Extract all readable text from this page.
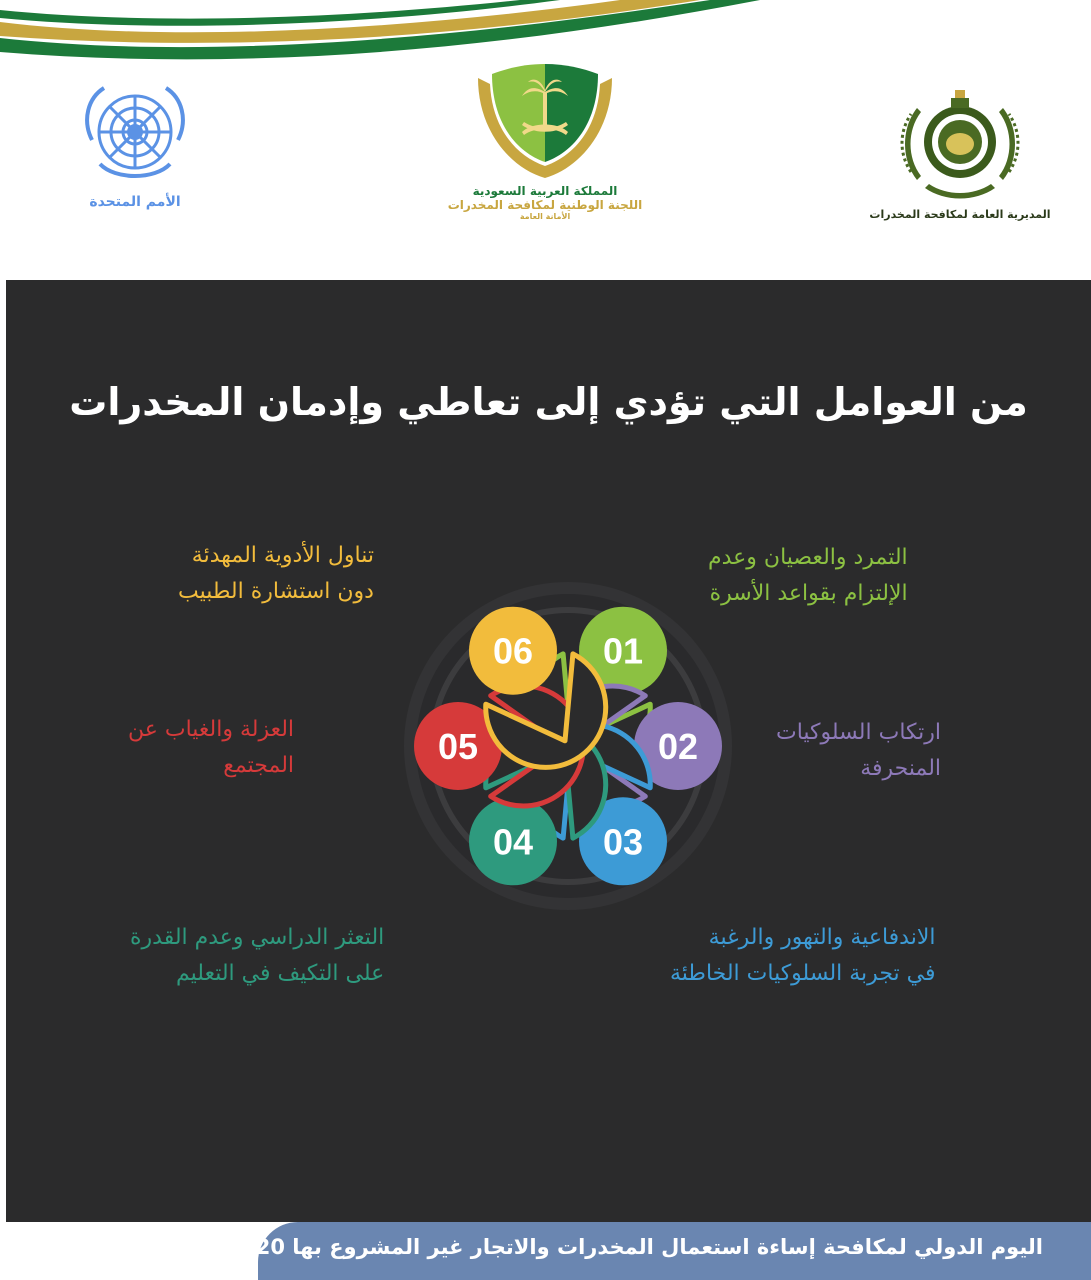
الأمم المتحدة
المملكة العربية السعودية
اللجنة الوطنية لمكافحة المخدرات
الأمانة العامة	المديرية العامة لمكافحة المخدرات
من العوامل التي تؤدي إلى تعاطي وإدمان المخدرات
التمرد والعصيان وعدم
الإلتزام بقواعد الأسرة
ارتكاب السلوكيات
المنحرفة
الاندفاعية والتهور والرغبة
في تجربة السلوكيات الخاطئة
التعثر الدراسي وعدم القدرة
على التكيف في التعليم
العزلة والغياب عن
المجتمع
تناول الأدوية المهدئة
دون استشارة الطبيب
01
02
03
04
05
06
اليوم الدولي لمكافحة إساءة استعمال المخدرات والاتجار غير المشروع بها 2020 م
